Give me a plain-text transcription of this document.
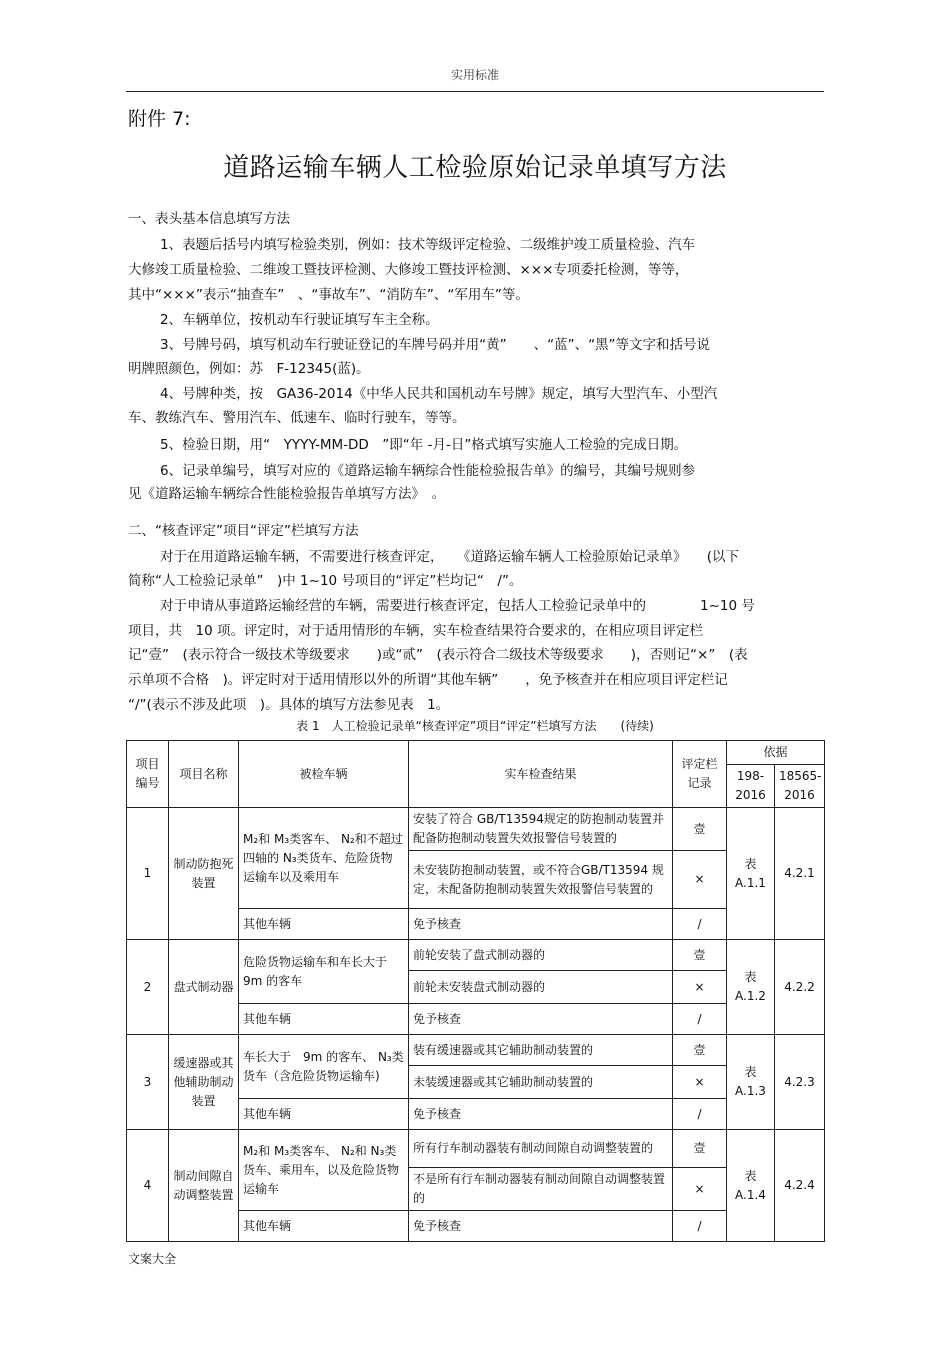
实用标准
附件 7:
道路运输车辆人工检验原始记录单填写方法
一、表头基本信息填写方法
1、表题后括号内填写检验类别，例如：技术等级评定检验、二级维护竣工质量检验、汽车
大修竣工质量检验、二维竣工暨技评检测、大修竣工暨技评检测、×××专项委托检测，等等，
其中“×××”表示“抽查车”　、“事故车”、“消防车”、“军用车”等。
2、车辆单位，按机动车行驶证填写车主全称。
3、号牌号码，填写机动车行驶证登记的车牌号码并用“黄”　　、“蓝”、“黑”等文字和括号说
明牌照颜色，例如：苏　F-12345(蓝)。
4、号牌种类，按　GA36-2014《中华人民共和国机动车号牌》规定，填写大型汽车、小型汽
车、教练汽车、警用汽车、低速车、临时行驶车，等等。
5、检验日期，用“　YYYY-MM-DD　”即“年 -月-日”格式填写实施人工检验的完成日期。
6、记录单编号，填写对应的《道路运输车辆综合性能检验报告单》的编号，其编号规则参
见《道路运输车辆综合性能检验报告单填写方法》　。
二、“核查评定”项目“评定”栏填写方法
对于在用道路运输车辆，不需要进行核查评定，　　《道路运输车辆人工检验原始记录单》　　(以下
简称“人工检验记录单”　)中 1~10 号项目的“评定”栏均记“　/”。
对于申请从事道路运输经营的车辆，需要进行核查评定，包括人工检验记录单中的　　　　1~10 号
项目，共　10 项。评定时，对于适用情形的车辆，实车检查结果符合要求的，在相应项目评定栏
记“壹”　(表示符合一级技术等级要求　　)或“贰”　(表示符合二级技术等级要求　　)，否则记“×”　(表
示单项不合格　)。评定时对于适用情形以外的所谓“其他车辆”　　，免予核查并在相应项目评定栏记
“/”(表示不涉及此项　)。具体的填写方法参见表　1。
表 1　人工检验记录单“核查评定”项目“评定”栏填写方法　　(待续)
项目编号	项目名称	被检车辆	实车检查结果	评定栏记录	依据	
					198-2016	18565-2016
1	制动防抱死装置	M₂和 M₃类客车、 N₂和不超过四轴的 N₃类货车、危险货物运输车以及乘用车	安装了符合 GB/T13594规定的防抱制动装置并配备防抱制动装置失效报警信号装置的	壹	表 A.1.1	4.2.1
			未安装防抱制动装置，或不符合GB/T13594 规定，未配备防抱制动装置失效报警信号装置的	×		
		其他车辆	免予核查	/		
2	盘式制动器	危险货物运输车和车长大于 9m 的客车	前轮安装了盘式制动器的	壹	表 A.1.2	4.2.2
			前轮未安装盘式制动器的	×		
		其他车辆	免予核查	/		
3	缓速器或其他辅助制动装置	车长大于　9m 的客车、 N₃类货车（含危险货物运输车)	装有缓速器或其它辅助制动装置的	壹	表 A.1.3	4.2.3
			未装缓速器或其它辅助制动装置的	×		
		其他车辆	免予核查	/		
4	制动间隙自动调整装置	M₂和 M₃类客车、 N₂和 N₃类货车、乘用车，以及危险货物运输车	所有行车制动器装有制动间隙自动调整装置的	壹	表 A.1.4	4.2.4
			不是所有行车制动器装有制动间隙自动调整装置的	×		
		其他车辆	免予核查	/		
文案大全
